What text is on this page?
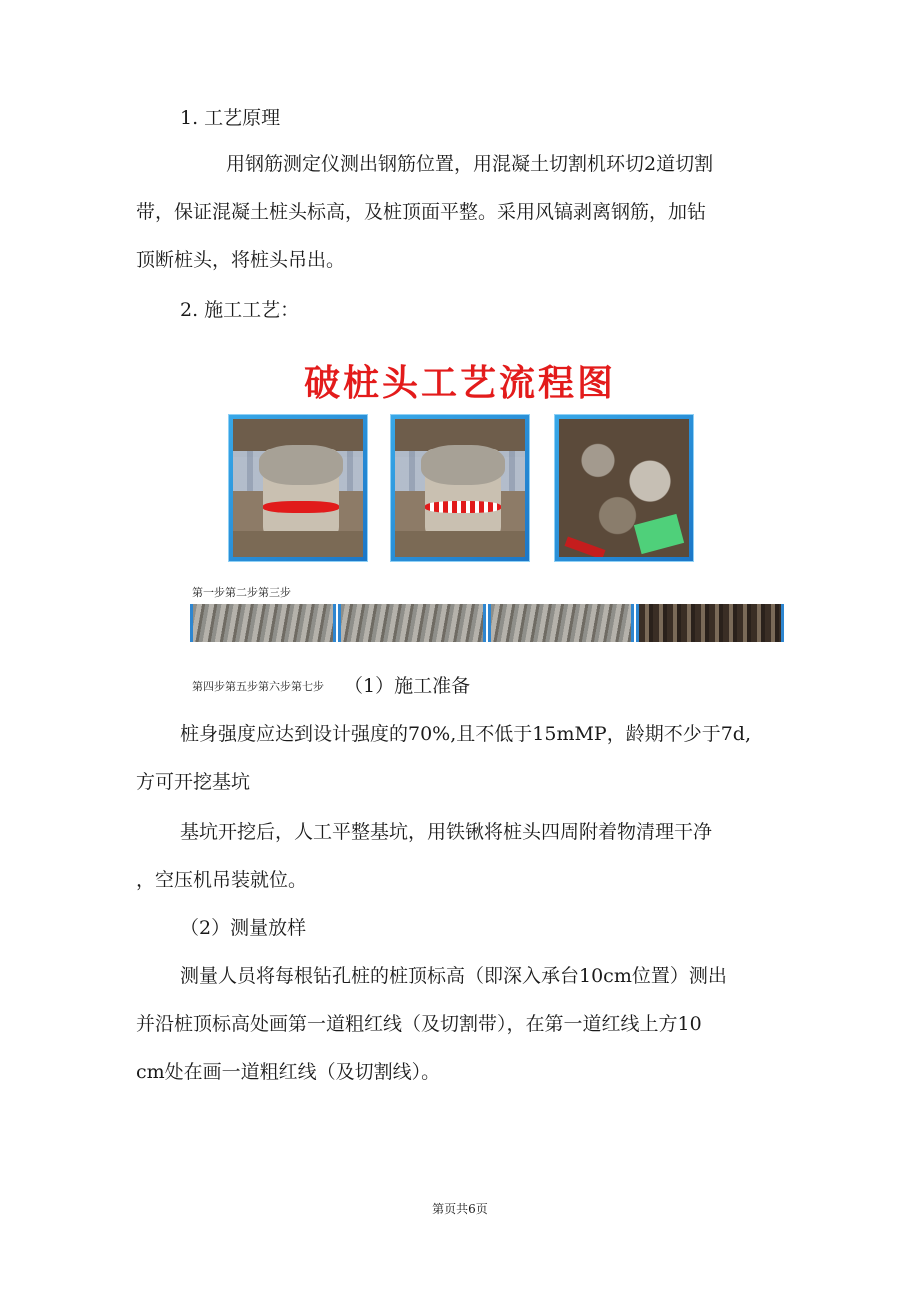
1. 工艺原理
用钢筋测定仪测出钢筋位置，用混凝土切割机环切2道切割
带，保证混凝土桩头标高，及桩顶面平整。采用风镐剥离钢筋，加钻
顶断桩头，将桩头吊出。
2. 施工工艺：
破桩头工艺流程图
第一步第二步第三步
第四步第五步第六步第七步 （1）施工准备
桩身强度应达到设计强度的70%,且不低于15mMP，龄期不少于7d,
方可开挖基坑
基坑开挖后，人工平整基坑，用铁锹将桩头四周附着物清理干净
，空压机吊装就位。
（2）测量放样
测量人员将每根钻孔桩的桩顶标高（即深入承台10cm位置）测出
并沿桩顶标高处画第一道粗红线（及切割带），在第一道红线上方10
cm处在画一道粗红线（及切割线）。
第页共6页
